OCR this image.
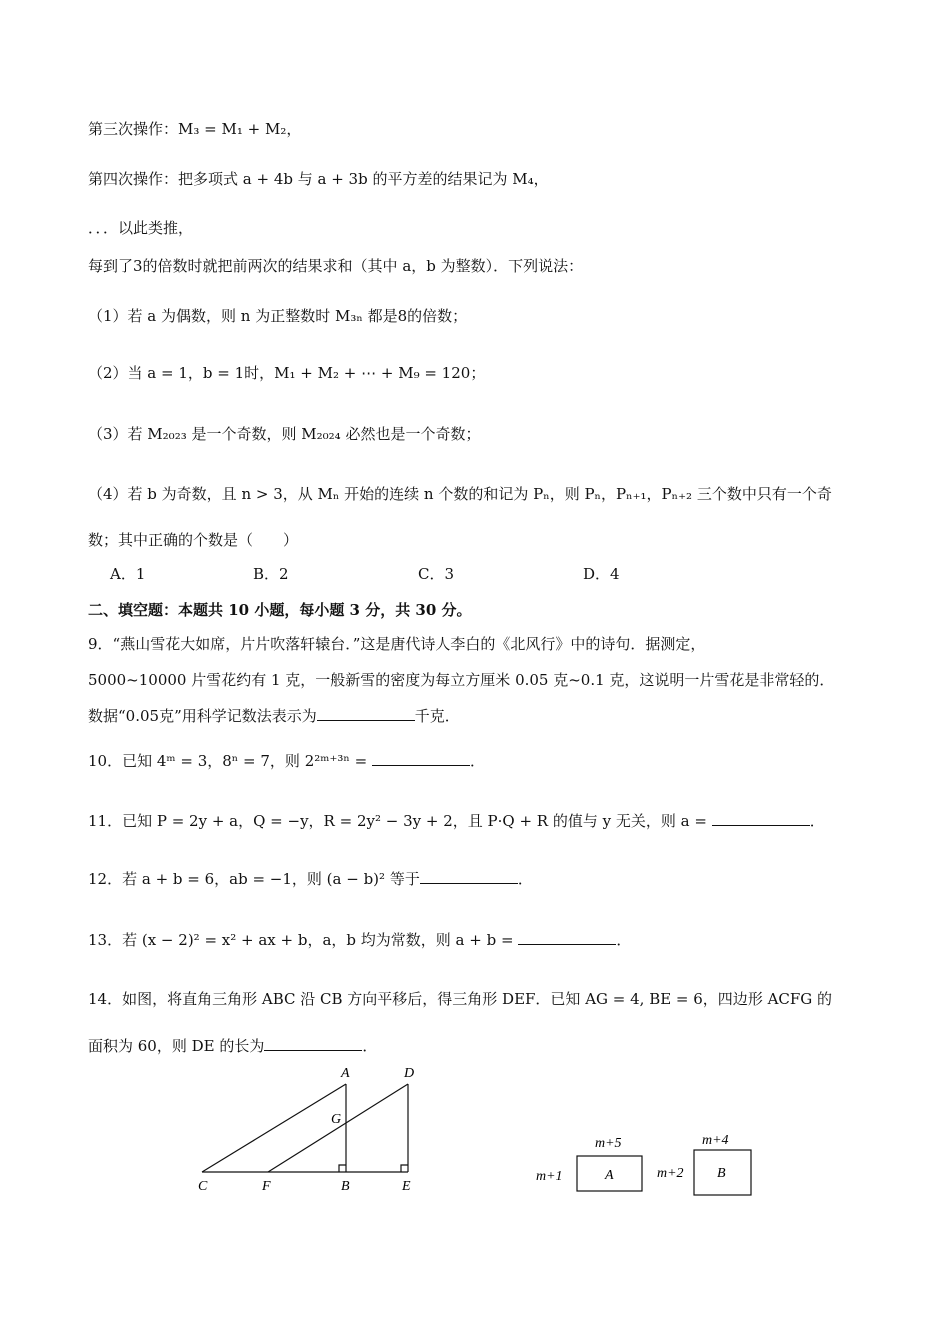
第三次操作：M₃ = M₁ + M₂，
第四次操作：把多项式 a + 4b 与 a + 3b 的平方差的结果记为 M₄，
．．．以此类推，
每到了3的倍数时就把前两次的结果求和（其中 a，b 为整数）．下列说法：
（1）若 a 为偶数，则 n 为正整数时 M₃ₙ 都是8的倍数；
（2）当 a = 1，b = 1时，M₁ + M₂ + ⋯ + M₉ = 120；
（3）若 M₂₀₂₃ 是一个奇数，则 M₂₀₂₄ 必然也是一个奇数；
（4）若 b 为奇数，且 n > 3，从 Mₙ 开始的连续 n 个数的和记为 Pₙ，则 Pₙ，Pₙ₊₁，Pₙ₊₂ 三个数中只有一个奇
数；其中正确的个数是（　　）
A．1	B．2	C．3	D．4
二、填空题：本题共 10 小题，每小题 3 分，共 30 分。
9．“燕山雪花大如席，片片吹落轩辕台．”这是唐代诗人李白的《北风行》中的诗句．据测定，
5000~10000 片雪花约有 1 克，一般新雪的密度为每立方厘米 0.05 克~0.1 克，这说明一片雪花是非常轻的．
数据“0.05克”用科学记数法表示为	千克．
10．已知 4ᵐ = 3，8ⁿ = 7，则 2²ᵐ⁺³ⁿ =	．
11．已知 P = 2y + a，Q = −y，R = 2y² − 3y + 2，且 P·Q + R 的值与 y 无关，则 a =	．
12．若 a + b = 6，ab = −1，则 (a − b)² 等于	．
13．若 (x − 2)² = x² + ax + b，a，b 均为常数，则 a + b =	．
14．如图，将直角三角形 ABC 沿 CB 方向平移后，得三角形 DEF．已知 AG = 4, BE = 6，四边形 ACFG 的
面积为 60，则 DE 的长为	．
A	D
G
C	F	B	E
m+5
m+1	A
m+4
m+2 B
